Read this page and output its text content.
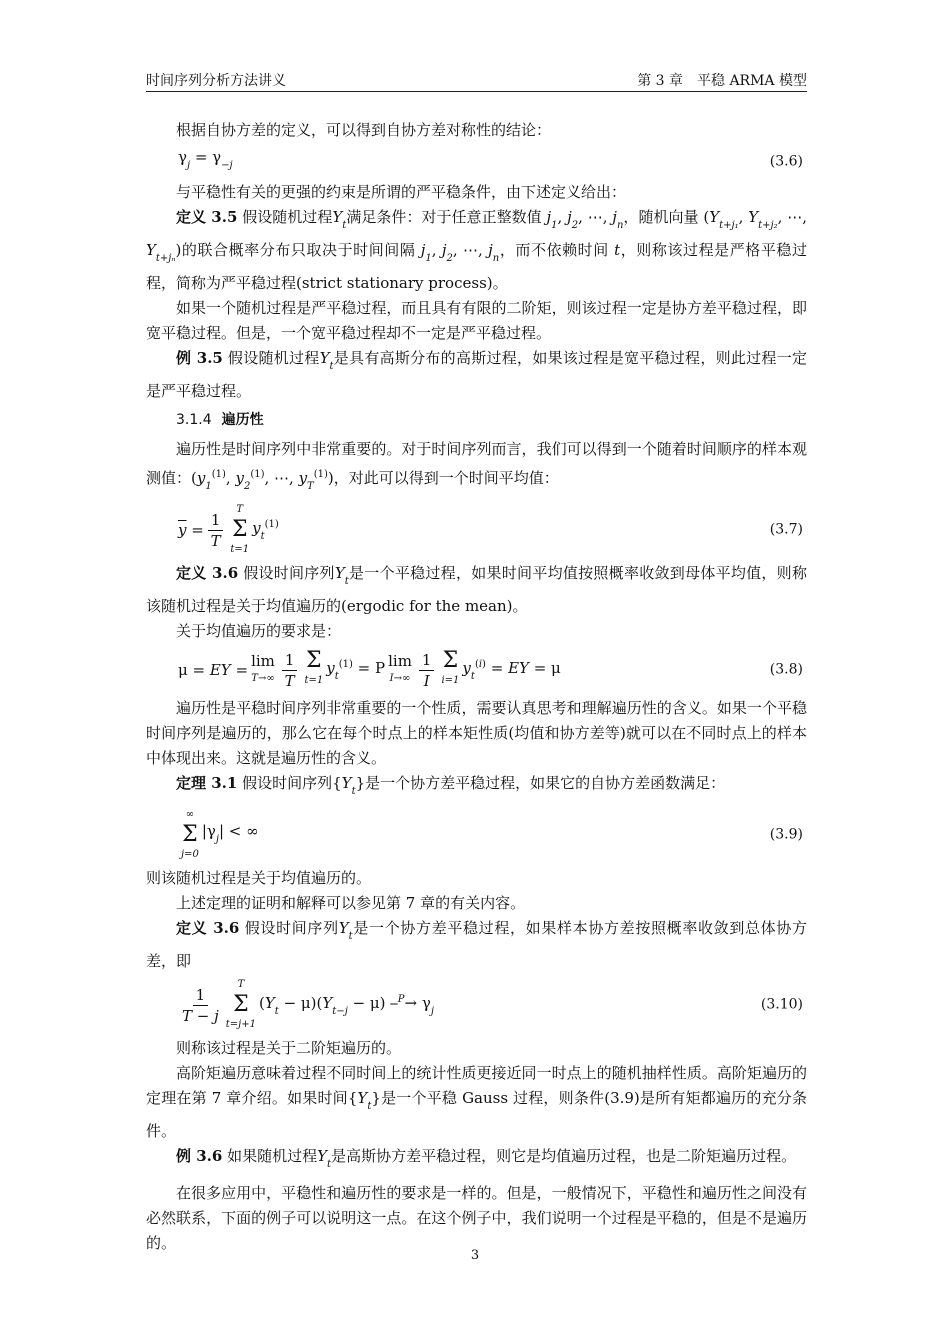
时间序列分析方法讲义	第 3 章　平稳 ARMA 模型

根据自协方差的定义，可以得到自协方差对称性的结论：

$\gamma_j = \gamma_{-j}$	(3.6)

与平稳性有关的更强的约束是所谓的严平稳条件，由下述定义给出：

定义 3.5 假设随机过程$Y_t$满足条件：对于任意正整数值 $j_1$, $j_2$, ⋯, $j_n$，随机向量 ($Y_{t+j_1}$, $Y_{t+j_2}$, ⋯, $Y_{t+j_n}$)的联合概率分布只取决于时间间隔 $j_1$, $j_2$, ⋯, $j_n$，而不依赖时间 t，则称该过程是严格平稳过程，简称为严平稳过程(strict stationary process)。

如果一个随机过程是严平稳过程，而且具有有限的二阶矩，则该过程一定是协方差平稳过程，即宽平稳过程。但是，一个宽平稳过程却不一定是严平稳过程。

例 3.5 假设随机过程$Y_t$是具有高斯分布的高斯过程，如果该过程是宽平稳过程，则此过程一定是严平稳过程。

3.1.4 遍历性

遍历性是时间序列中非常重要的。对于时间序列而言，我们可以得到一个随着时间顺序的样本观测值：($y_1^{(1)}$, $y_2^{(1)}$, ⋯, $y_T^{(1)}$)，对此可以得到一个时间平均值：

$\overline{y} = \frac{1}{T}$ T
Σ
t=1
$y_t^{(1)}$	(3.7)

定义 3.6 假设时间序列$Y_t$是一个平稳过程，如果时间平均值按照概率收敛到母体平均值，则称该随机过程是关于均值遍历的(ergodic for the mean)。

关于均值遍历的要求是：

μ = EY = lim
$T\to\infty \frac{1}{T}$ Σ
t=1
$y_t^{(1)} = P$ lim
$I\to\infty \frac{1}{I}$ Σ
i=1
$y_t^{(i)}$ = EY = μ	(3.8)

遍历性是平稳时间序列非常重要的一个性质，需要认真思考和理解遍历性的含义。如果一个平稳时间序列是遍历的，那么它在每个时点上的样本矩性质(均值和协方差等)就可以在不同时点上的样本中体现出来。这就是遍历性的含义。

定理 3.1 假设时间序列$\{Y_t\}$是一个协方差平稳过程，如果它的自协方差函数满足：

∞
Σ
j=0
$|\gamma_j|$ < ∞	(3.9)

则该随机过程是关于均值遍历的。

上述定理的证明和解释可以参见第 7 章的有关内容。

定义 3.6 假设时间序列$Y_t$是一个协方差平稳过程，如果样本协方差按照概率收敛到总体协方差，即

$\frac{1}{T - j}$ T
Σ
t=j+1
$(Y_t - \mu)(Y_{t-j} - \mu)$ ⎯$^P$→ $\gamma_j$	(3.10)

则称该过程是关于二阶矩遍历的。

高阶矩遍历意味着过程不同时间上的统计性质更接近同一时点上的随机抽样性质。高阶矩遍历的定理在第 7 章介绍。如果时间$\{Y_t\}$是一个平稳 Gauss 过程，则条件(3.9)是所有矩都遍历的充分条件。

例 3.6 如果随机过程$Y_t$是高斯协方差平稳过程，则它是均值遍历过程，也是二阶矩遍历过程。

在很多应用中，平稳性和遍历性的要求是一样的。但是，一般情况下，平稳性和遍历性之间没有必然联系，下面的例子可以说明这一点。在这个例子中，我们说明一个过程是平稳的，但是不是遍历的。

3
